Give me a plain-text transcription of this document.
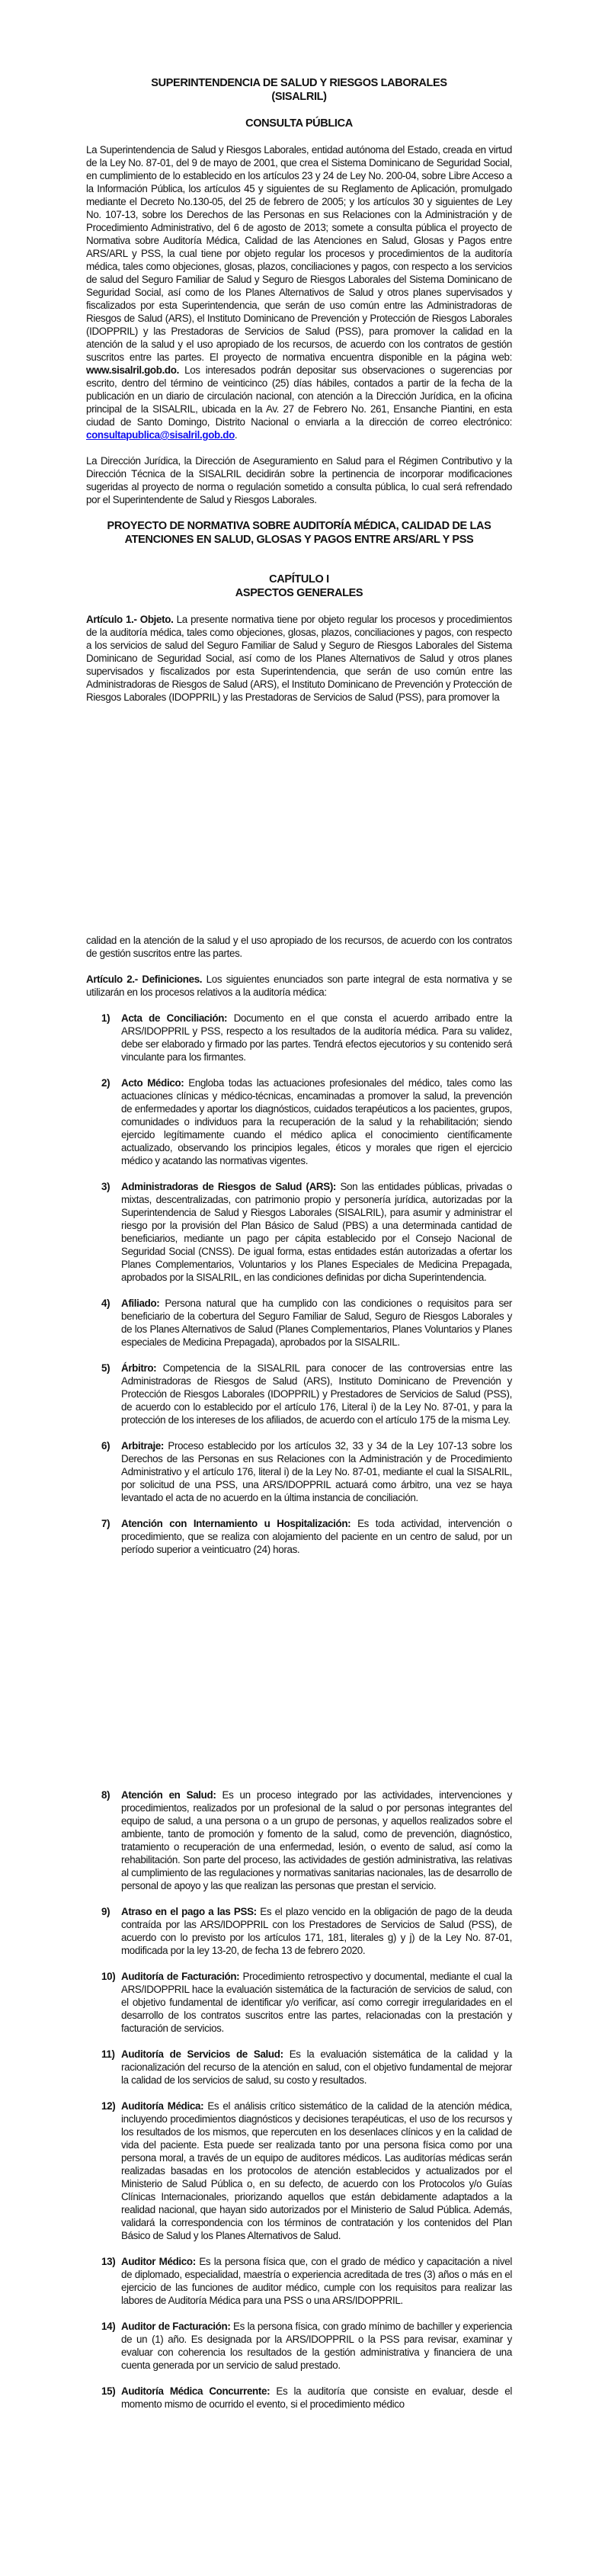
SUPERINTENDENCIA DE SALUD Y RIESGOS LABORALES
(SISALRIL)
CONSULTA PÚBLICA

La Superintendencia de Salud y Riesgos Laborales, entidad autónoma del Estado, creada en virtud de la Ley No. 87-01, del 9 de mayo de 2001, que crea el Sistema Dominicano de Seguridad Social, en cumplimiento de lo establecido en los artículos 23 y 24 de Ley No. 200-04, sobre Libre Acceso a la Información Pública, los artículos 45 y siguientes de su Reglamento de Aplicación, promulgado mediante el Decreto No.130-05, del 25 de febrero de 2005; y los artículos 30 y siguientes de Ley No. 107-13, sobre los Derechos de las Personas en sus Relaciones con la Administración y de Procedimiento Administrativo, del 6 de agosto de 2013; somete a consulta pública el proyecto de Normativa sobre Auditoría Médica, Calidad de las Atenciones en Salud, Glosas y Pagos entre ARS/ARL y PSS, la cual tiene por objeto regular los procesos y procedimientos de la auditoría médica, tales como objeciones, glosas, plazos, conciliaciones y pagos, con respecto a los servicios de salud del Seguro Familiar de Salud y Seguro de Riesgos Laborales del Sistema Dominicano de Seguridad Social, así como de los Planes Alternativos de Salud y otros planes supervisados y fiscalizados por esta Superintendencia, que serán de uso común entre las Administradoras de Riesgos de Salud (ARS), el Instituto Dominicano de Prevención y Protección de Riesgos Laborales (IDOPPRIL) y las Prestadoras de Servicios de Salud (PSS), para promover la calidad en la atención de la salud y el uso apropiado de los recursos, de acuerdo con los contratos de gestión suscritos entre las partes. El proyecto de normativa encuentra disponible en la página web: www.sisalril.gob.do. Los interesados podrán depositar sus observaciones o sugerencias por escrito, dentro del término de veinticinco (25) días hábiles, contados a partir de la fecha de la publicación en un diario de circulación nacional, con atención a la Dirección Jurídica, en la oficina principal de la SISALRIL, ubicada en la Av. 27 de Febrero No. 261, Ensanche Piantini, en esta ciudad de Santo Domingo, Distrito Nacional o enviarla a la dirección de correo electrónico: consultapublica@sisalril.gob.do.

La Dirección Jurídica, la Dirección de Aseguramiento en Salud para el Régimen Contributivo y la Dirección Técnica de la SISALRIL decidirán sobre la pertinencia de incorporar modificaciones sugeridas al proyecto de norma o regulación sometido a consulta pública, lo cual será refrendado por el Superintendente de Salud y Riesgos Laborales.

PROYECTO DE NORMATIVA SOBRE AUDITORÍA MÉDICA, CALIDAD DE LAS
ATENCIONES EN SALUD, GLOSAS Y PAGOS ENTRE ARS/ARL Y PSS
CAPÍTULO I
ASPECTOS GENERALES

Artículo 1.- Objeto. La presente normativa tiene por objeto regular los procesos y procedimientos de la auditoría médica, tales como objeciones, glosas, plazos, conciliaciones y pagos, con respecto a los servicios de salud del Seguro Familiar de Salud y Seguro de Riesgos Laborales del Sistema Dominicano de Seguridad Social, así como de los Planes Alternativos de Salud y otros planes supervisados y fiscalizados por esta Superintendencia, que serán de uso común entre las Administradoras de Riesgos de Salud (ARS), el Instituto Dominicano de Prevención y Protección de Riesgos Laborales (IDOPPRIL) y las Prestadoras de Servicios de Salud (PSS), para promover la

calidad en la atención de la salud y el uso apropiado de los recursos, de acuerdo con los contratos de gestión suscritos entre las partes.

Artículo 2.- Definiciones. Los siguientes enunciados son parte integral de esta normativa y se utilizarán en los procesos relativos a la auditoría médica:

1) Acta de Conciliación: Documento en el que consta el acuerdo arribado entre la ARS/IDOPPRIL y PSS, respecto a los resultados de la auditoría médica. Para su validez, debe ser elaborado y firmado por las partes. Tendrá efectos ejecutorios y su contenido será vinculante para los firmantes.
2) Acto Médico: Engloba todas las actuaciones profesionales del médico, tales como las actuaciones clínicas y médico-técnicas, encaminadas a promover la salud, la prevención de enfermedades y aportar los diagnósticos, cuidados terapéuticos a los pacientes, grupos, comunidades o individuos para la recuperación de la salud y la rehabilitación; siendo ejercido legítimamente cuando el médico aplica el conocimiento científicamente actualizado, observando los principios legales, éticos y morales que rigen el ejercicio médico y acatando las normativas vigentes.
3) Administradoras de Riesgos de Salud (ARS): Son las entidades públicas, privadas o mixtas, descentralizadas, con patrimonio propio y personería jurídica, autorizadas por la Superintendencia de Salud y Riesgos Laborales (SISALRIL), para asumir y administrar el riesgo por la provisión del Plan Básico de Salud (PBS) a una determinada cantidad de beneficiarios, mediante un pago per cápita establecido por el Consejo Nacional de Seguridad Social (CNSS). De igual forma, estas entidades están autorizadas a ofertar los Planes Complementarios, Voluntarios y los Planes Especiales de Medicina Prepagada, aprobados por la SISALRIL, en las condiciones definidas por dicha Superintendencia.
4) Afiliado: Persona natural que ha cumplido con las condiciones o requisitos para ser beneficiario de la cobertura del Seguro Familiar de Salud, Seguro de Riesgos Laborales y de los Planes Alternativos de Salud (Planes Complementarios, Planes Voluntarios y Planes especiales de Medicina Prepagada), aprobados por la SISALRIL.
5) Árbitro: Competencia de la SISALRIL para conocer de las controversias entre las Administradoras de Riesgos de Salud (ARS), Instituto Dominicano de Prevención y Protección de Riesgos Laborales (IDOPPRIL) y Prestadores de Servicios de Salud (PSS), de acuerdo con lo establecido por el artículo 176, Literal i) de la Ley No. 87-01, y para la protección de los intereses de los afiliados, de acuerdo con el artículo 175 de la misma Ley.
6) Arbitraje: Proceso establecido por los artículos 32, 33 y 34 de la Ley 107-13 sobre los Derechos de las Personas en sus Relaciones con la Administración y de Procedimiento Administrativo y el artículo 176, literal i) de la Ley No. 87-01, mediante el cual la SISALRIL, por solicitud de una PSS, una ARS/IDOPPRIL actuará como árbitro, una vez se haya levantado el acta de no acuerdo en la última instancia de conciliación.
7) Atención con Internamiento u Hospitalización: Es toda actividad, intervención o procedimiento, que se realiza con alojamiento del paciente en un centro de salud, por un período superior a veinticuatro (24) horas.
8) Atención en Salud: Es un proceso integrado por las actividades, intervenciones y procedimientos, realizados por un profesional de la salud o por personas integrantes del equipo de salud, a una persona o a un grupo de personas, y aquellos realizados sobre el ambiente, tanto de promoción y fomento de la salud, como de prevención, diagnóstico, tratamiento o recuperación de una enfermedad, lesión, o evento de salud, así como la rehabilitación. Son parte del proceso, las actividades de gestión administrativa, las relativas al cumplimiento de las regulaciones y normativas sanitarias nacionales, las de desarrollo de personal de apoyo y las que realizan las personas que prestan el servicio.
9) Atraso en el pago a las PSS: Es el plazo vencido en la obligación de pago de la deuda contraída por las ARS/IDOPPRIL con los Prestadores de Servicios de Salud (PSS), de acuerdo con lo previsto por los artículos 171, 181, literales g) y j) de la Ley No. 87-01, modificada por la ley 13-20, de fecha 13 de febrero 2020.
10) Auditoría de Facturación: Procedimiento retrospectivo y documental, mediante el cual la ARS/IDOPPRIL hace la evaluación sistemática de la facturación de servicios de salud, con el objetivo fundamental de identificar y/o verificar, así como corregir irregularidades en el desarrollo de los contratos suscritos entre las partes, relacionadas con la prestación y facturación de servicios.
11) Auditoría de Servicios de Salud: Es la evaluación sistemática de la calidad y la racionalización del recurso de la atención en salud, con el objetivo fundamental de mejorar la calidad de los servicios de salud, su costo y resultados.
12) Auditoría Médica: Es el análisis crítico sistemático de la calidad de la atención médica, incluyendo procedimientos diagnósticos y decisiones terapéuticas, el uso de los recursos y los resultados de los mismos, que repercuten en los desenlaces clínicos y en la calidad de vida del paciente. Esta puede ser realizada tanto por una persona física como por una persona moral, a través de un equipo de auditores médicos. Las auditorías médicas serán realizadas basadas en los protocolos de atención establecidos y actualizados por el Ministerio de Salud Pública o, en su defecto, de acuerdo con los Protocolos y/o Guías Clínicas Internacionales, priorizando aquellos que están debidamente adaptados a la realidad nacional, que hayan sido autorizados por el Ministerio de Salud Pública. Además, validará la correspondencia con los términos de contratación y los contenidos del Plan Básico de Salud y los Planes Alternativos de Salud.
13) Auditor Médico: Es la persona física que, con el grado de médico y capacitación a nivel de diplomado, especialidad, maestría o experiencia acreditada de tres (3) años o más en el ejercicio de las funciones de auditor médico, cumple con los requisitos para realizar las labores de Auditoría Médica para una PSS o una ARS/IDOPPRIL.
14) Auditor de Facturación: Es la persona física, con grado mínimo de bachiller y experiencia de un (1) año. Es designada por la ARS/IDOPPRIL o la PSS para revisar, examinar y evaluar con coherencia los resultados de la gestión administrativa y financiera de una cuenta generada por un servicio de salud prestado.
15) Auditoría Médica Concurrente: Es la auditoría que consiste en evaluar, desde el momento mismo de ocurrido el evento, si el procedimiento médico
